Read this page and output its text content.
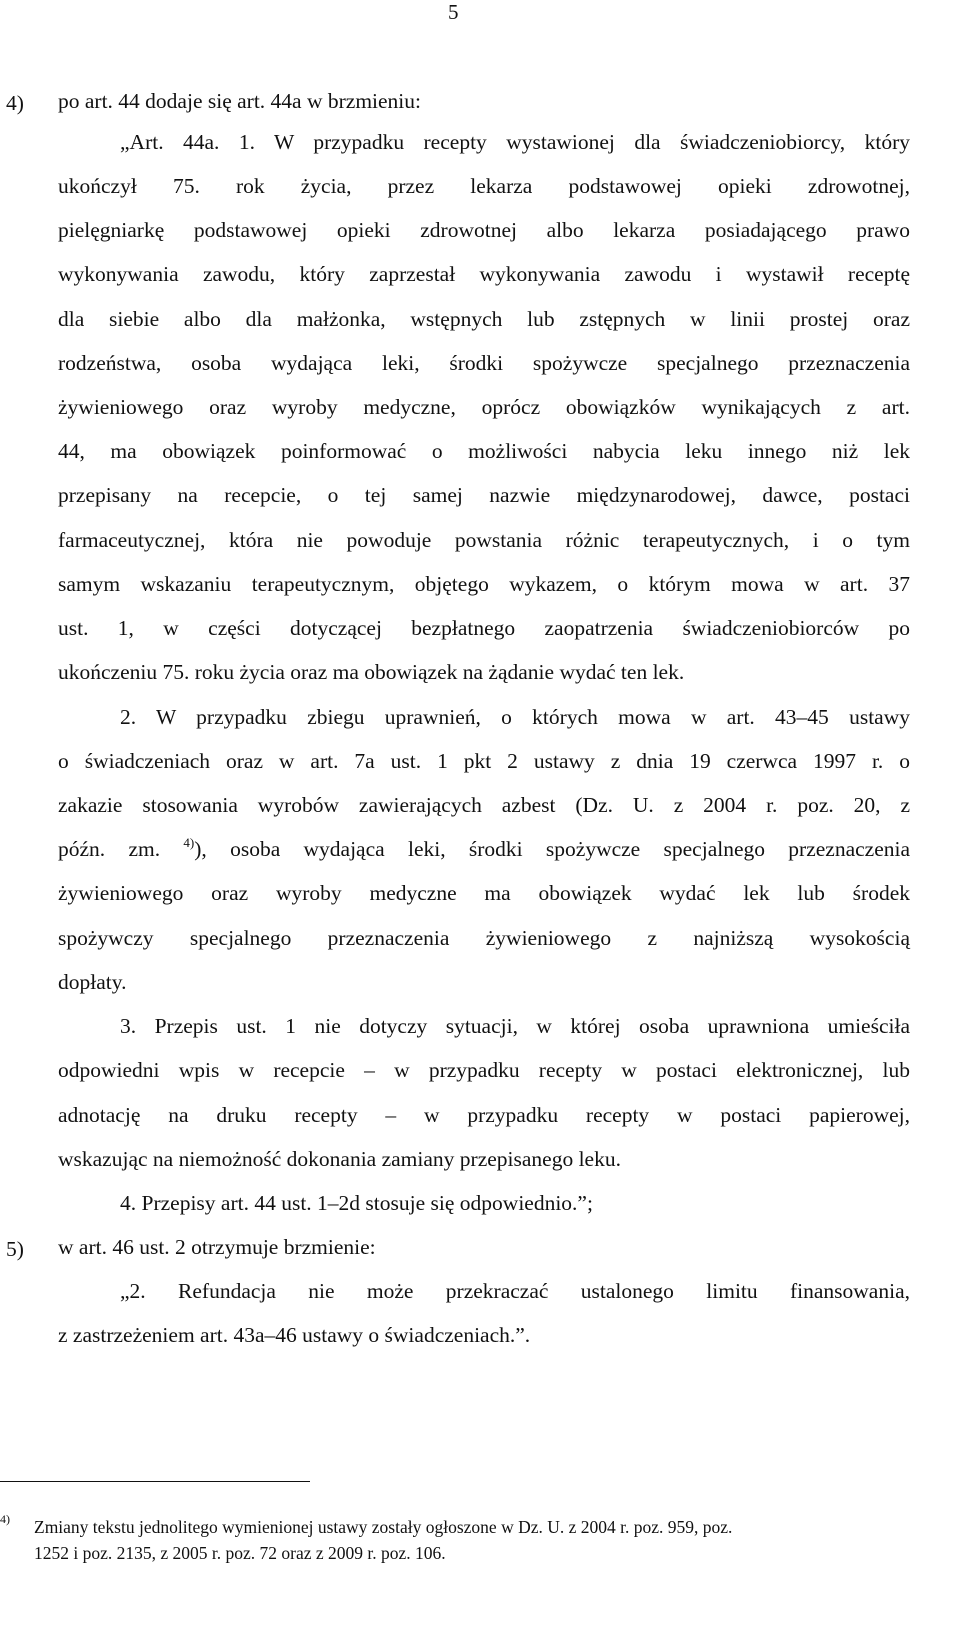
5
4) po art. 44 dodaje się art. 44a w brzmieniu:
„Art. 44a. 1. W przypadku recepty wystawionej dla świadczeniobiorcy, który
ukończył 75. rok życia, przez lekarza podstawowej opieki zdrowotnej,
pielęgniarkę podstawowej opieki zdrowotnej albo lekarza posiadającego prawo
wykonywania zawodu, który zaprzestał wykonywania zawodu i wystawił receptę
dla siebie albo dla małżonka, wstępnych lub zstępnych w linii prostej oraz
rodzeństwa, osoba wydająca leki, środki spożywcze specjalnego przeznaczenia
żywieniowego oraz wyroby medyczne, oprócz obowiązków wynikających z art.
44, ma obowiązek poinformować o możliwości nabycia leku innego niż lek
przepisany na recepcie, o tej samej nazwie międzynarodowej, dawce, postaci
farmaceutycznej, która nie powoduje powstania różnic terapeutycznych, i o tym
samym wskazaniu terapeutycznym, objętego wykazem, o którym mowa w art. 37
ust. 1, w części dotyczącej bezpłatnego zaopatrzenia świadczeniobiorców po
ukończeniu 75. roku życia oraz ma obowiązek na żądanie wydać ten lek.
2. W przypadku zbiegu uprawnień, o których mowa w art. 43–45 ustawy
o świadczeniach oraz w art. 7a ust. 1 pkt 2 ustawy z dnia 19 czerwca 1997 r. o
zakazie stosowania wyrobów zawierających azbest (Dz. U. z 2004 r. poz. 20, z
późn. zm. $^{4)}$), osoba wydająca leki, środki spożywcze specjalnego przeznaczenia
żywieniowego oraz wyroby medyczne ma obowiązek wydać lek lub środek
spożywczy specjalnego przeznaczenia żywieniowego z najniższą wysokością
dopłaty.
3. Przepis ust. 1 nie dotyczy sytuacji, w której osoba uprawniona umieściła
odpowiedni wpis w recepcie – w przypadku recepty w postaci elektronicznej, lub
adnotację na druku recepty – w przypadku recepty w postaci papierowej,
wskazując na niemożność dokonania zamiany przepisanego leku.
4. Przepisy art. 44 ust. 1–2d stosuje się odpowiednio.”;
5) w art. 46 ust. 2 otrzymuje brzmienie:
„2. Refundacja nie może przekraczać ustalonego limitu finansowania,
z zastrzeżeniem art. 43a–46 ustawy o świadczeniach.”.
4) Zmiany tekstu jednolitego wymienionej ustawy zostały ogłoszone w Dz. U. z 2004 r. poz. 959, poz.
1252 i poz. 2135, z 2005 r. poz. 72 oraz z 2009 r. poz. 106.
